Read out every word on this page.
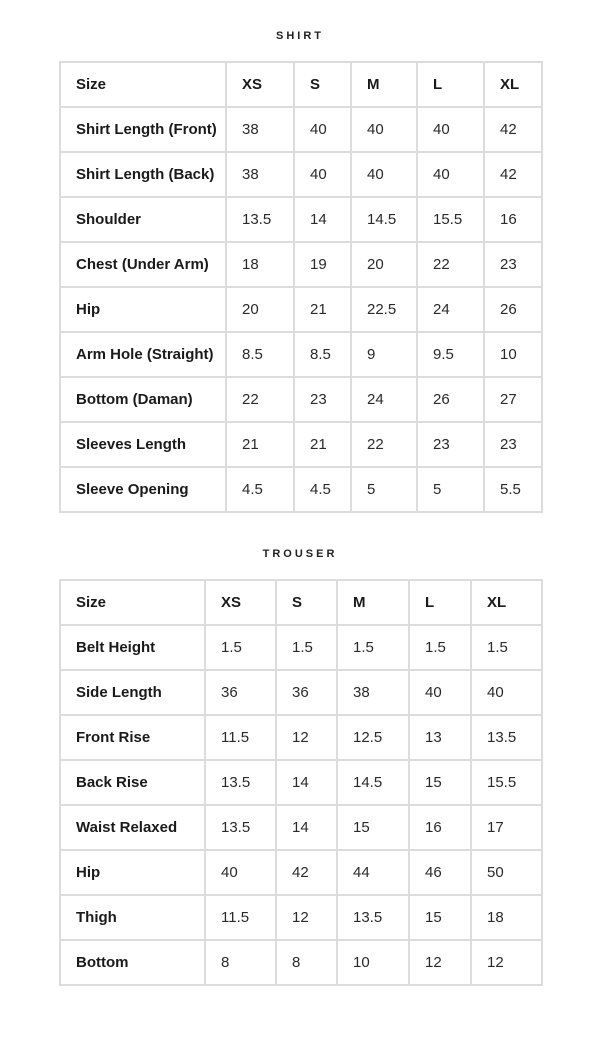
SHIRT
Size	XS	S	M	L	XL
Shirt Length (Front)	38	40	40	40	42
Shirt Length (Back)	38	40	40	40	42
Shoulder	13.5	14	14.5	15.5	16
Chest (Under Arm)	18	19	20	22	23
Hip	20	21	22.5	24	26
Arm Hole (Straight)	8.5	8.5	9	9.5	10
Bottom (Daman)	22	23	24	26	27
Sleeves Length	21	21	22	23	23
Sleeve Opening	4.5	4.5	5	5	5.5
TROUSER
Size	XS	S	M	L	XL
Belt Height	1.5	1.5	1.5	1.5	1.5
Side Length	36	36	38	40	40
Front Rise	11.5	12	12.5	13	13.5
Back Rise	13.5	14	14.5	15	15.5
Waist Relaxed	13.5	14	15	16	17
Hip	40	42	44	46	50
Thigh	11.5	12	13.5	15	18
Bottom	8	8	10	12	12
